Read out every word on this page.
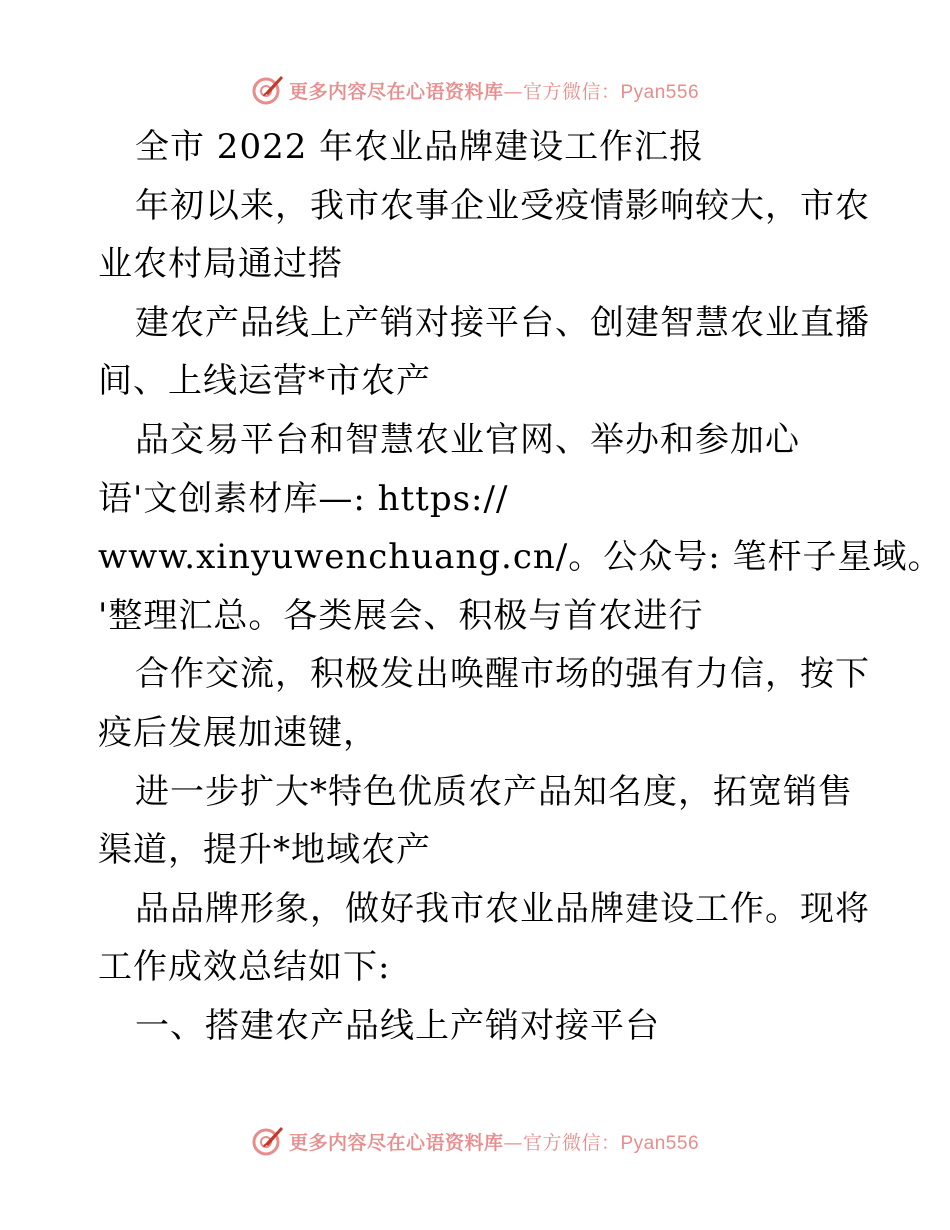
更多内容尽在心语资料库—官方微信：Pyan556
全市 2022 年农业品牌建设工作汇报
年初以来，我市农事企业受疫情影响较大，市农
业农村局通过搭
建农产品线上产销对接平台、创建智慧农业直播
间、上线运营*市农产
品交易平台和智慧农业官网、举办和参加心
语'文创素材库—: https://
www.xinyuwenchuang.cn/。公众号: 笔杆子星域。
'整理汇总。各类展会、积极与首农进行
合作交流，积极发出唤醒市场的强有力信，按下
疫后发展加速键，
进一步扩大*特色优质农产品知名度，拓宽销售
渠道，提升*地域农产
品品牌形象，做好我市农业品牌建设工作。现将
工作成效总结如下:
一、搭建农产品线上产销对接平台
更多内容尽在心语资料库—官方微信：Pyan556
